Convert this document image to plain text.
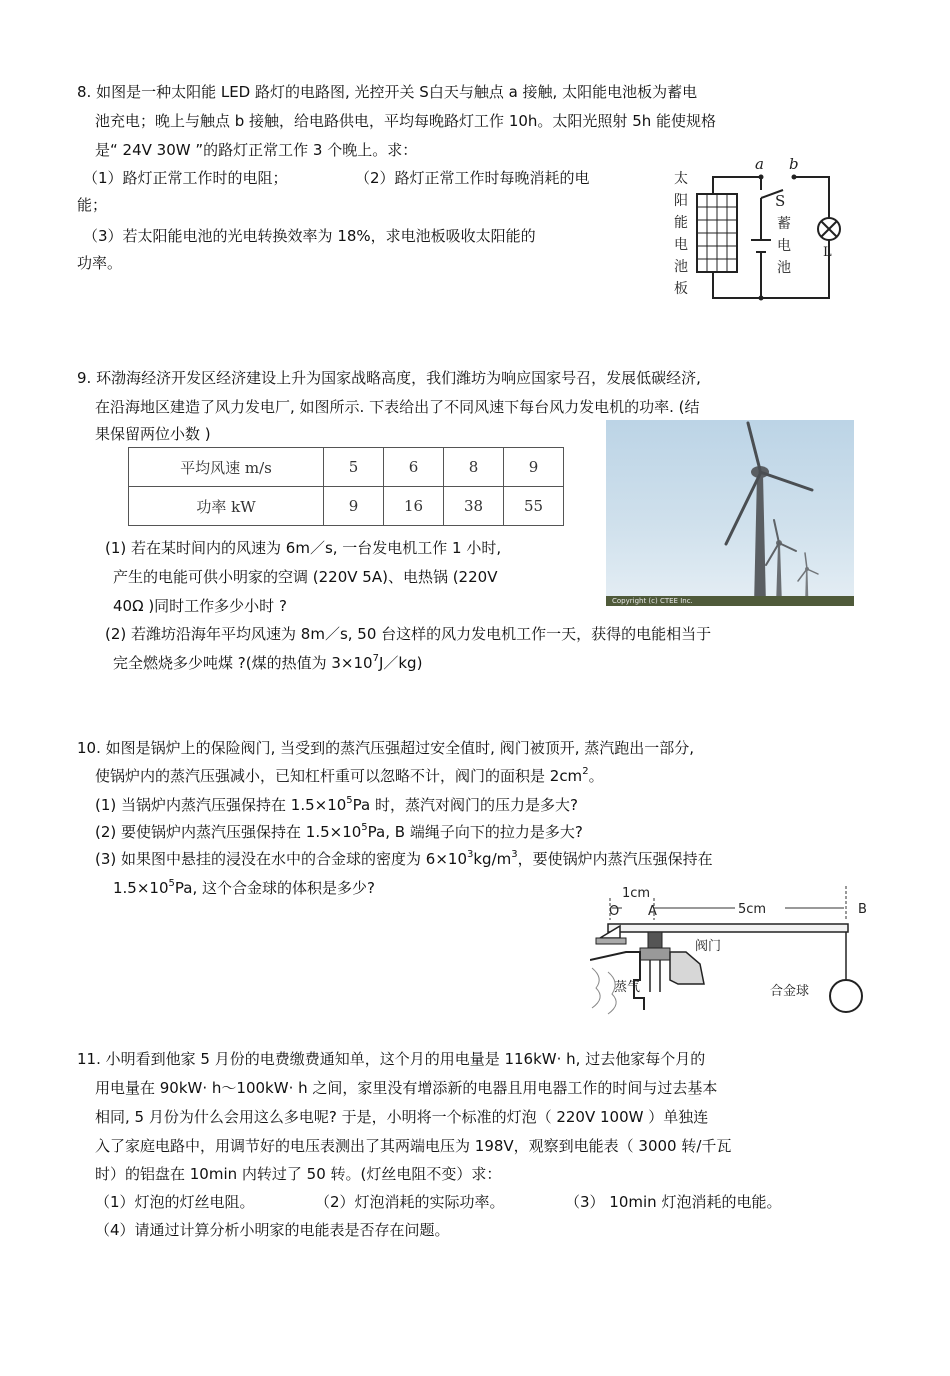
8. 如图是一种太阳能 LED 路灯的电路图, 光控开关 S白天与触点 a 接触, 太阳能电池板为蓄电
池充电；晚上与触点 b 接触，给电路供电，平均每晚路灯工作 10h。太阳光照射 5h 能使规格
是“ 24V 30W ”的路灯正常工作 3 个晚上。求：
（1）路灯正常工作时的电阻；	（2）路灯正常工作时每晚消耗的电
能；
（3）若太阳能电池的光电转换效率为 18%，求电池板吸收太阳能的
功率。
a b
S
L
太
阳
能
电
池
板
蓄
电
池
9. 环渤海经济开发区经济建设上升为国家战略高度，我们潍坊为响应国家号召，发展低碳经济,
在沿海地区建造了风力发电厂, 如图所示. 下表给出了不同风速下每台风力发电机的功率. (结
果保留两位小数 )
平均风速 m/s	5	6	8	9
功率 kW	9	16	38	55
Copyright (c) CTEE Inc.
(1) 若在某时间内的风速为 6m／s, 一台发电机工作 1 小时,
产生的电能可供小明家的空调 (220V 5A)、电热锅 (220V
40Ω )同时工作多少小时 ?
(2) 若潍坊沿海年平均风速为 8m／s, 50 台这样的风力发电机工作一天，获得的电能相当于
完全燃烧多少吨煤 ?(煤的热值为 $3\times 10^7J/kg$)
10. 如图是锅炉上的保险阀门, 当受到的蒸汽压强超过安全值时, 阀门被顶开, 蒸汽跑出一部分,
使锅炉内的蒸汽压强减小，已知杠杆重可以忽略不计，阀门的面积是 $2cm^2$。
(1) 当锅炉内蒸汽压强保持在 $1.5\times 10^5Pa$ 时，蒸汽对阀门的压力是多大?
(2) 要使锅炉内蒸汽压强保持在 $1.5\times 10^5Pa$, B 端绳子向下的拉力是多大?
(3) 如果图中悬挂的浸没在水中的合金球的密度为 $6\times 10^3kg/m^3$，要使锅炉内蒸汽压强保持在
$1.5\times 10^5Pa$, 这个合金球的体积是多少?	1cm
O A	5cm	B
阀门
蒸气	合金球
11. 小明看到他家 5 月份的电费缴费通知单，这个月的用电量是 116kW· h, 过去他家每个月的
用电量在 90kW· h～100kW· h 之间，家里没有增添新的电器且用电器工作的时间与过去基本
相同, 5 月份为什么会用这么多电呢? 于是，小明将一个标准的灯泡（ 220V 100W ）单独连
入了家庭电路中，用调节好的电压表测出了其两端电压为 198V，观察到电能表（ 3000 转/千瓦
时）的铝盘在 10min 内转过了 50 转。(灯丝电阻不变）求：
（1）灯泡的灯丝电阻。	（2）灯泡消耗的实际功率。	（3） 10min 灯泡消耗的电能。
（4）请通过计算分析小明家的电能表是否存在问题。
